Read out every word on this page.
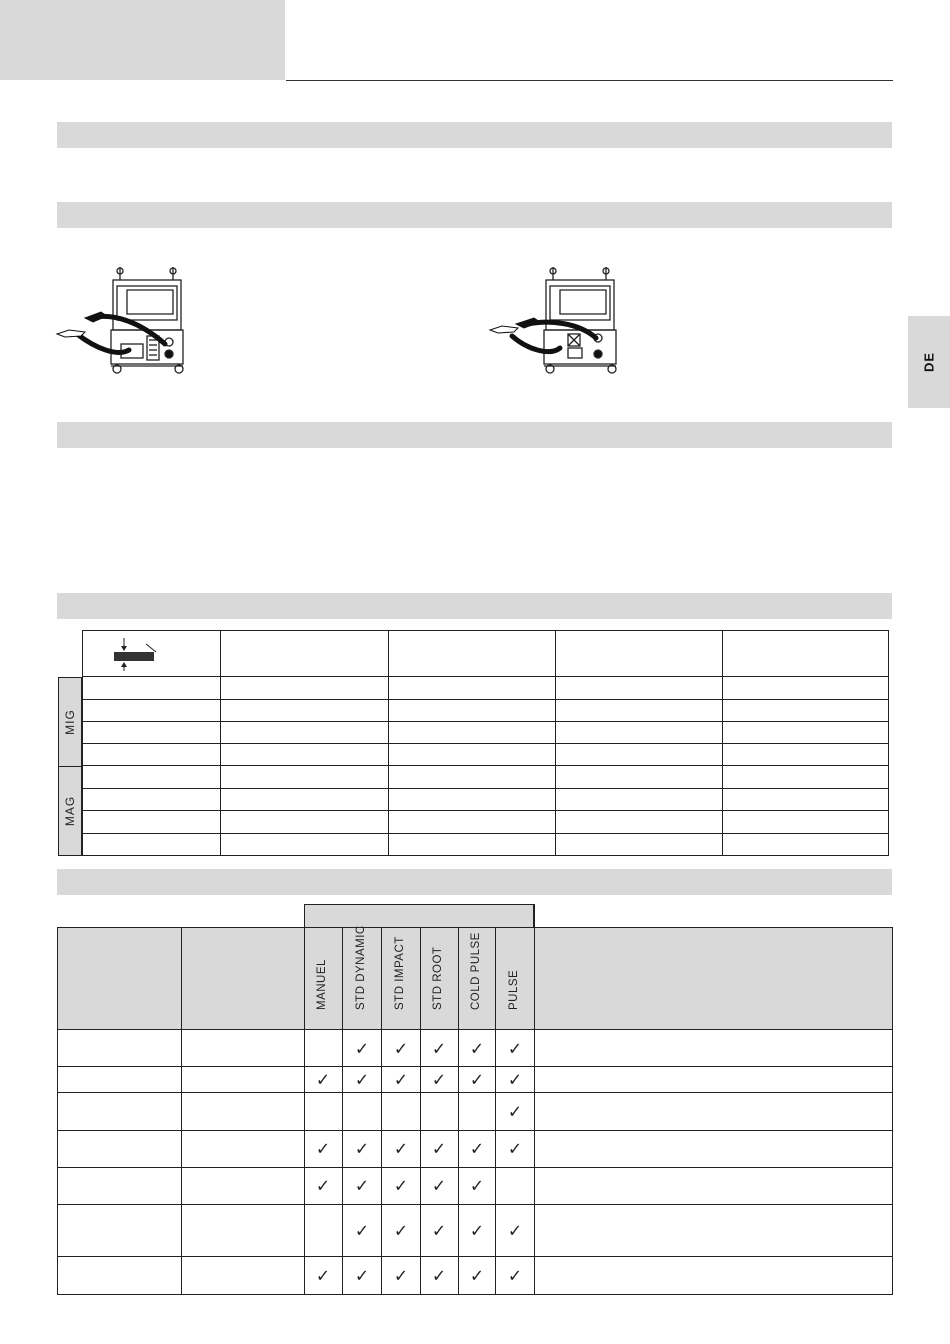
DE
MIG
MAG
MANUEL STD DYNAMIC STD IMPACT STD ROOT COLD PULSE PULSE
✓ ✓ ✓ ✓ ✓
✓ ✓ ✓ ✓ ✓ ✓
✓
✓ ✓ ✓ ✓ ✓ ✓
✓ ✓ ✓ ✓ ✓
✓ ✓ ✓ ✓ ✓
✓ ✓ ✓ ✓ ✓ ✓
